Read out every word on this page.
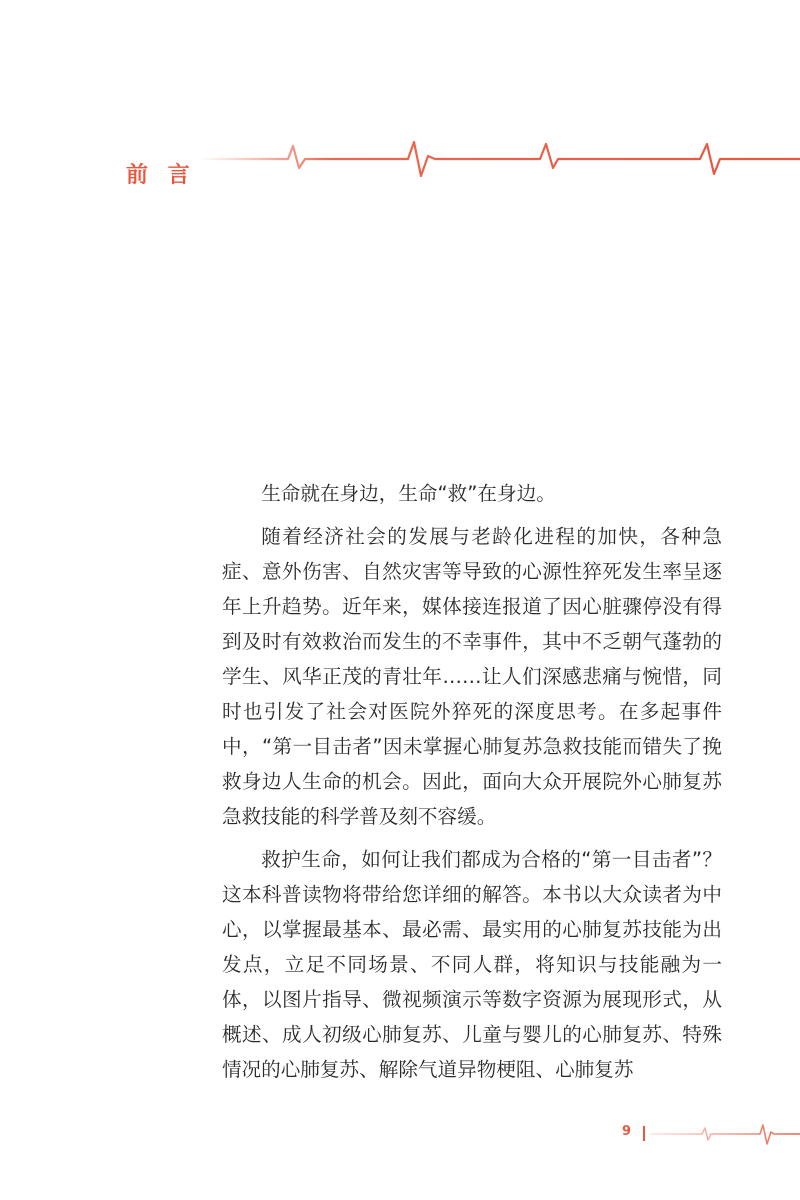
前 言

生命就在身边，生命“救”在身边。

随着经济社会的发展与老龄化进程的加快，各种急症、意外伤害、自然灾害等导致的心源性猝死发生率呈逐年上升趋势。近年来，媒体接连报道了因心脏骤停没有得到及时有效救治而发生的不幸事件，其中不乏朝气蓬勃的学生、风华正茂的青壮年……让人们深感悲痛与惋惜，同时也引发了社会对医院外猝死的深度思考。在多起事件中，“第一目击者”因未掌握心肺复苏急救技能而错失了挽救身边人生命的机会。因此，面向大众开展院外心肺复苏急救技能的科学普及刻不容缓。

救护生命，如何让我们都成为合格的“第一目击者”？这本科普读物将带给您详细的解答。本书以大众读者为中心，以掌握最基本、最必需、最实用的心肺复苏技能为出发点，立足不同场景、不同人群，将知识与技能融为一体，以图片指导、微视频演示等数字资源为展现形式，从概述、成人初级心肺复苏、儿童与婴儿的心肺复苏、特殊情况的心肺复苏、解除气道异物梗阻、心肺复苏

9
